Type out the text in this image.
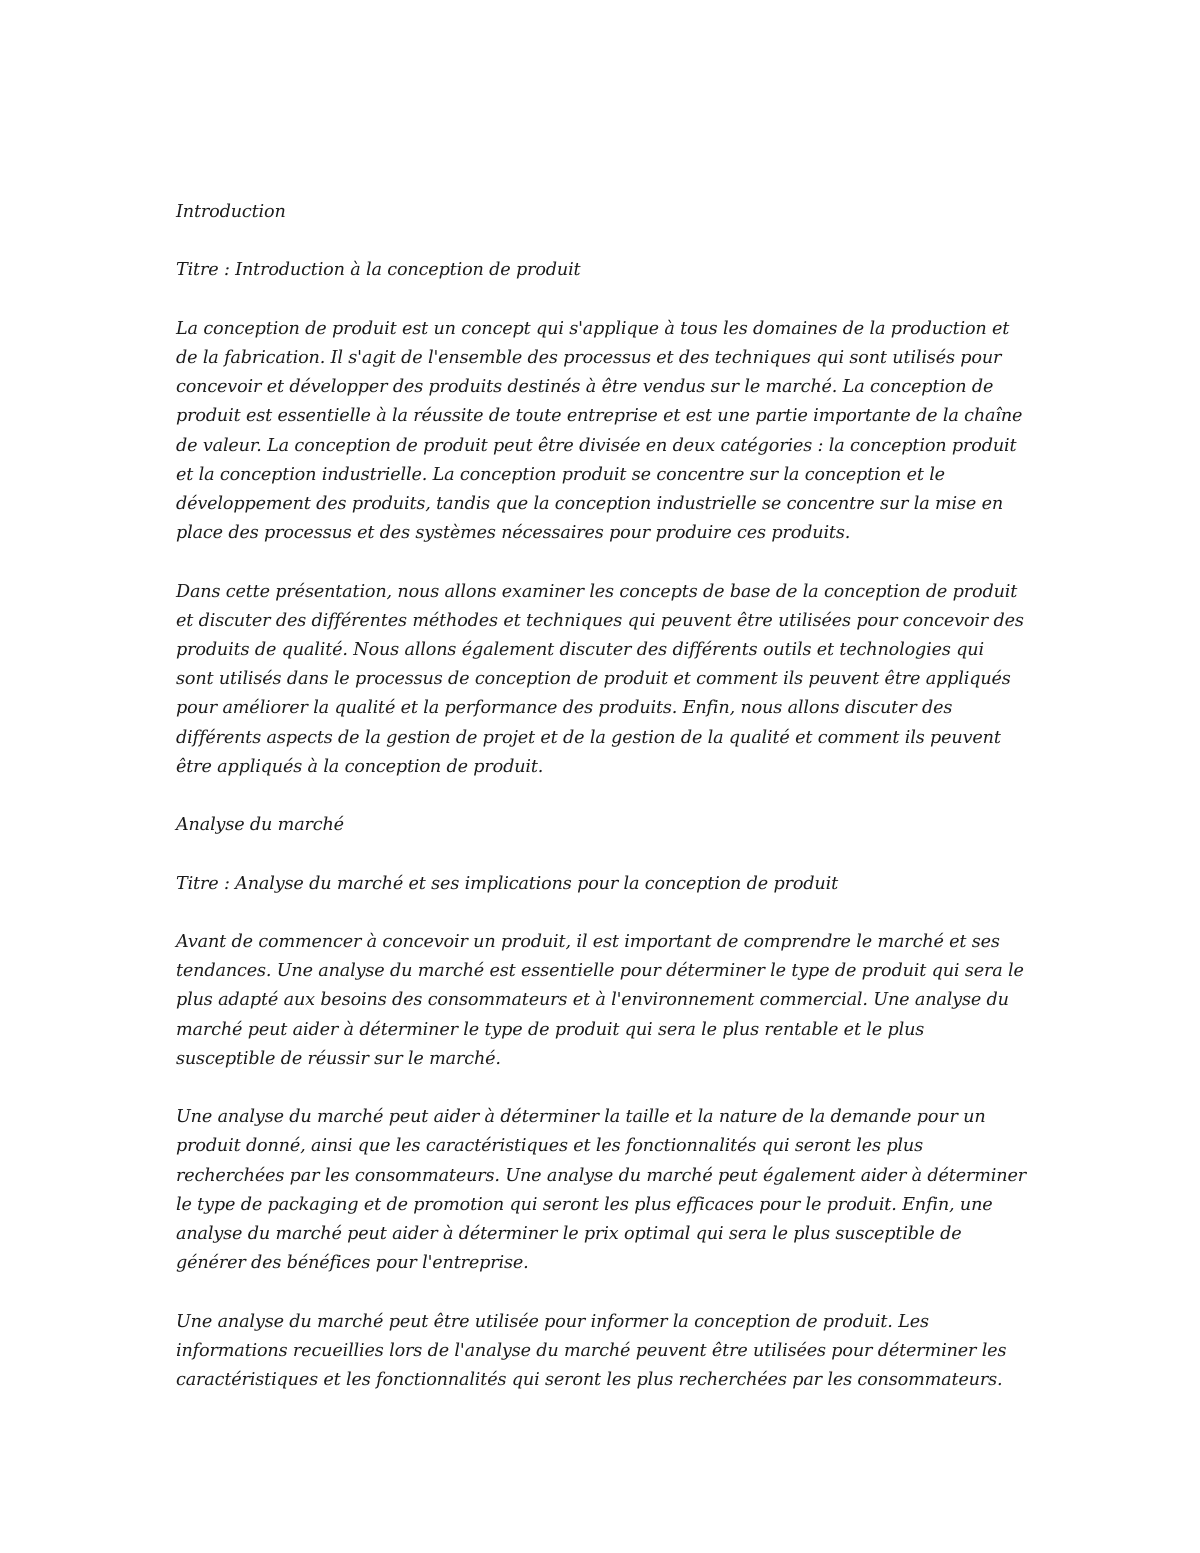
Introduction

Titre : Introduction à la conception de produit

La conception de produit est un concept qui s'applique à tous les domaines de la production et de la fabrication. Il s'agit de l'ensemble des processus et des techniques qui sont utilisés pour concevoir et développer des produits destinés à être vendus sur le marché. La conception de produit est essentielle à la réussite de toute entreprise et est une partie importante de la chaîne de valeur. La conception de produit peut être divisée en deux catégories : la conception produit et la conception industrielle. La conception produit se concentre sur la conception et le développement des produits, tandis que la conception industrielle se concentre sur la mise en place des processus et des systèmes nécessaires pour produire ces produits.

Dans cette présentation, nous allons examiner les concepts de base de la conception de produit et discuter des différentes méthodes et techniques qui peuvent être utilisées pour concevoir des produits de qualité. Nous allons également discuter des différents outils et technologies qui sont utilisés dans le processus de conception de produit et comment ils peuvent être appliqués pour améliorer la qualité et la performance des produits. Enfin, nous allons discuter des différents aspects de la gestion de projet et de la gestion de la qualité et comment ils peuvent être appliqués à la conception de produit.

Analyse du marché

Titre : Analyse du marché et ses implications pour la conception de produit

Avant de commencer à concevoir un produit, il est important de comprendre le marché et ses tendances. Une analyse du marché est essentielle pour déterminer le type de produit qui sera le plus adapté aux besoins des consommateurs et à l'environnement commercial. Une analyse du marché peut aider à déterminer le type de produit qui sera le plus rentable et le plus susceptible de réussir sur le marché.

Une analyse du marché peut aider à déterminer la taille et la nature de la demande pour un produit donné, ainsi que les caractéristiques et les fonctionnalités qui seront les plus recherchées par les consommateurs. Une analyse du marché peut également aider à déterminer le type de packaging et de promotion qui seront les plus efficaces pour le produit. Enfin, une analyse du marché peut aider à déterminer le prix optimal qui sera le plus susceptible de générer des bénéfices pour l'entreprise.

Une analyse du marché peut être utilisée pour informer la conception de produit. Les informations recueillies lors de l'analyse du marché peuvent être utilisées pour déterminer les caractéristiques et les fonctionnalités qui seront les plus recherchées par les consommateurs.
